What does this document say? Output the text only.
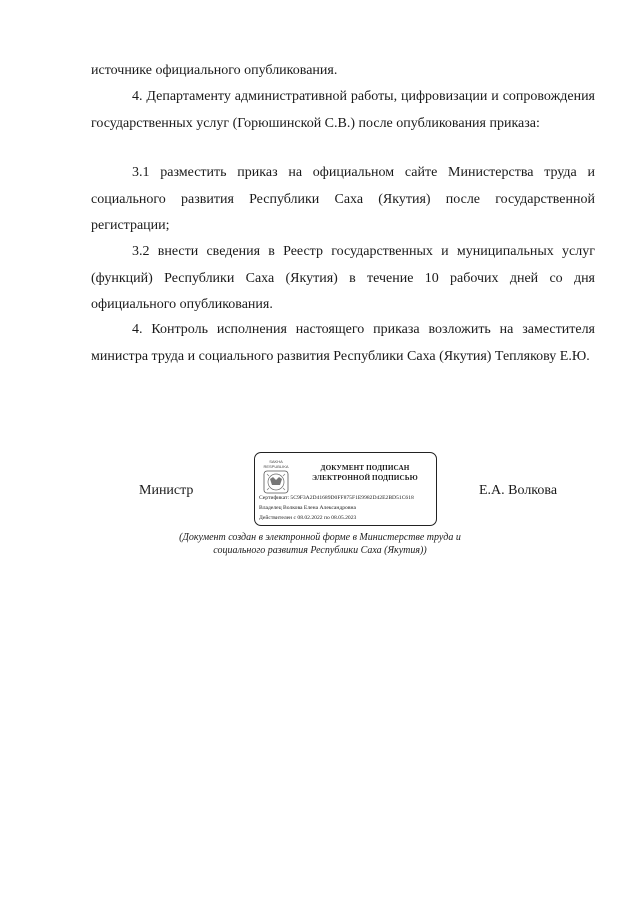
источнике официального опубликования.

4. Департаменту административной работы, цифровизации и сопровождения государственных услуг (Горюшинской С.В.) после опубликования приказа:

3.1 разместить приказ на официальном сайте Министерства труда и социального развития Республики Саха (Якутия) после государственной регистрации;

3.2 внести сведения в Реестр государственных и муниципальных услуг (функций) Республики Саха (Якутия) в течение 10 рабочих дней со дня официального опубликования.

4. Контроль исполнения настоящего приказа возложить на заместителя министра труда и социального развития Республики Саха (Якутия) Теплякову Е.Ю.

Министр
SAKHA
RESPUBLIKA	ДОКУМЕНТ ПОДПИСАН
ЭЛЕКТРОННОЙ ПОДПИСЬЮ
Сертификат: 5C9F3A2D41689D0FF875F1E9982D42E2BD51C618
Владелец Волкова Елена Александровна
Действителен с 08.02.2022 по 08.05.2023
Е.А. Волкова
(Документ создан в электронной форме в Министерстве труда и
социального развития Республики Саха (Якутия))
